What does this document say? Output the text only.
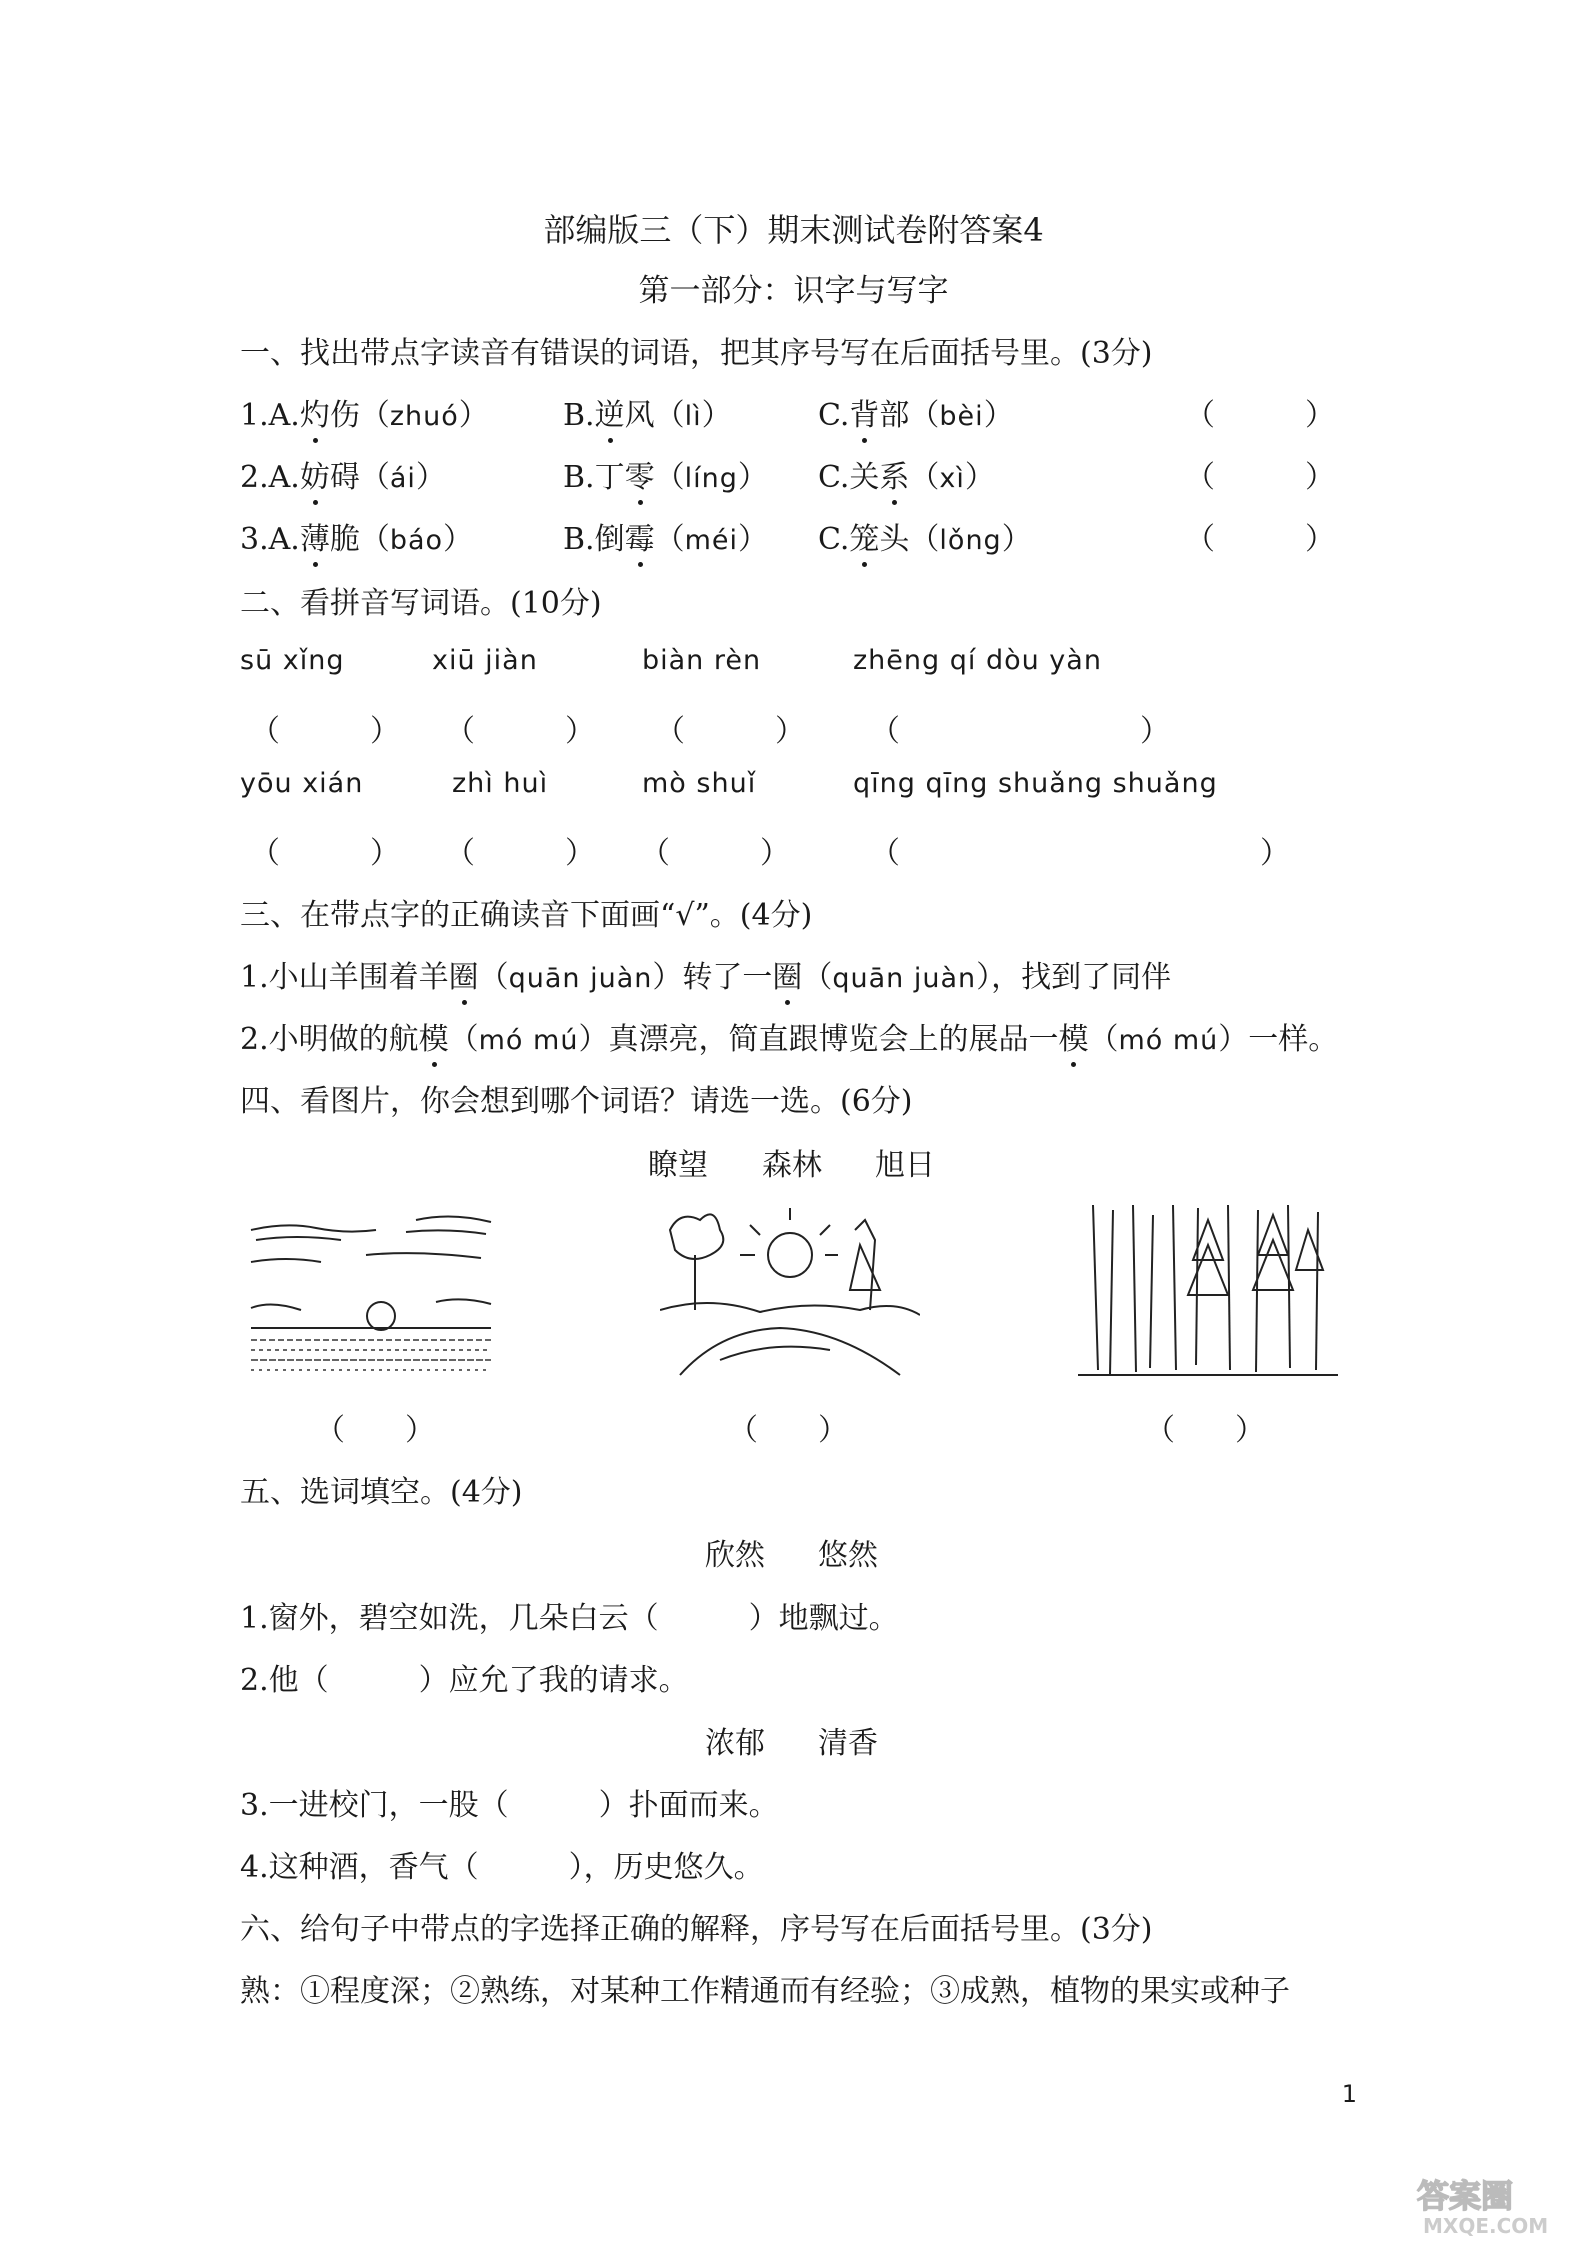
部编版三（下）期末测试卷附答案4
第一部分：识字与写字
一、找出带点字读音有错误的词语，把其序号写在后面括号里。(3分)
1.A.灼伤（zhuó） B.逆风（lì）	C.背部（bèi）	（　　　）
2.A.妨碍（ái）	B.丁零（líng） C.关系（xì）	（　　　）
3.A.薄脆（báo）	B.倒霉（méi） C.笼头（lǒng）	（　　　）
二、看拼音写词语。(10分)
sū xǐng	xiū jiàn	biàn rèn	zhēng qí dòu yàn
（　　　） （　　　） （　　　） （　　　　　　　　）
yōu xián	zhì huì	mò shuǐ	qīng qīng shuǎng shuǎng
（　　　） （　　　） （　　　）	（　　　　　　　　　　　　）
三、在带点字的正确读音下面画“√”。(4分)
1.小山羊围着羊圈（quān juàn）转了一圈（quān juàn），找到了同伴
2.小明做的航模（mó mú）真漂亮，简直跟博览会上的展品一模（mó mú）一样。
四、看图片，你会想到哪个词语？请选一选。(6分)
瞭望 森林 旭日
（　　）	（　　）	（　　）
五、选词填空。(4分)
欣然 悠然
1.窗外，碧空如洗，几朵白云（　　　）地飘过。
2.他（　　　）应允了我的请求。
浓郁 清香
3.一进校门，一股（　　　）扑面而来。
4.这种酒，香气（　　　），历史悠久。
六、给句子中带点的字选择正确的解释，序号写在后面括号里。(3分)
熟：①程度深；②熟练，对某种工作精通而有经验；③成熟，植物的果实或种子
1
答案圈
MXQE.COM
